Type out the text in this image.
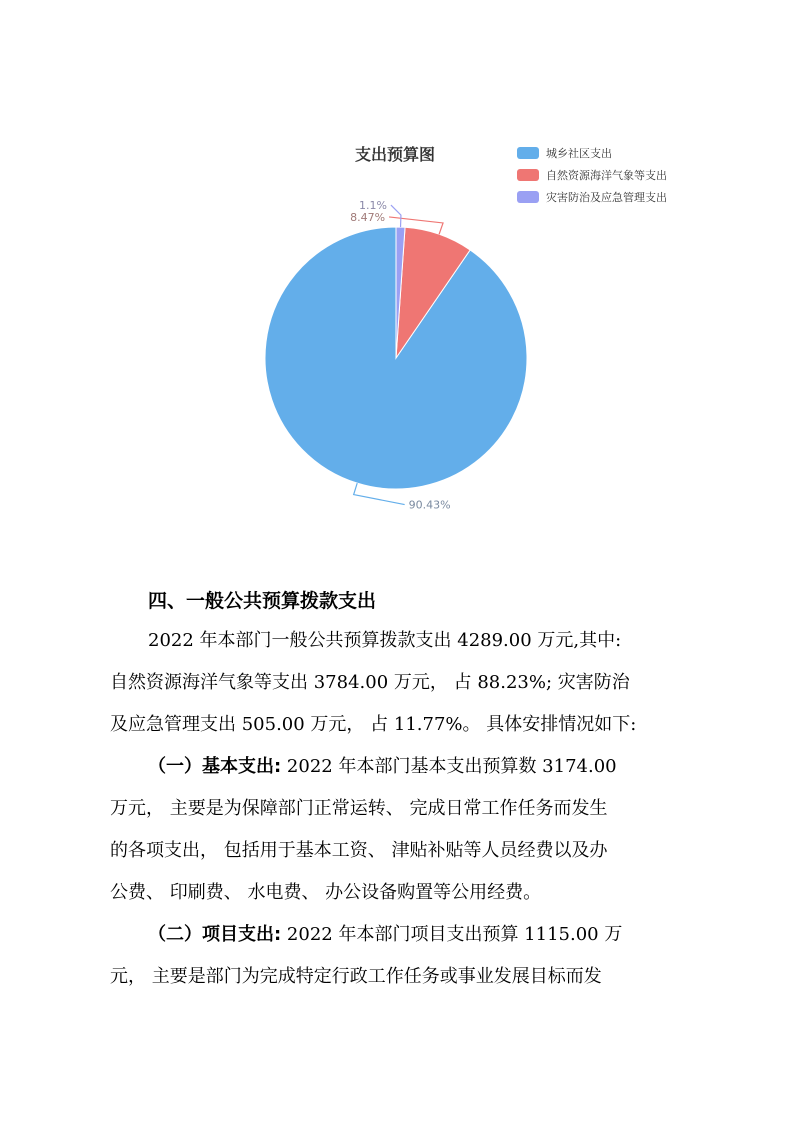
90.43%
8.47%
1.1%
支出预算图	城乡社区支出
自然资源海洋气象等支出
灾害防治及应急管理支出
四、一般公共预算拨款支出
2022 年本部门一般公共预算拨款支出 4289.00 万元,其中:
自然资源海洋气象等支出 3784.00 万元， 占 88.23%; 灾害防治
及应急管理支出 505.00 万元， 占 11.77%。 具体安排情况如下:
（一）基本支出: 2022 年本部门基本支出预算数 3174.00
万元， 主要是为保障部门正常运转、 完成日常工作任务而发生
的各项支出， 包括用于基本工资、 津贴补贴等人员经费以及办
公费、 印刷费、 水电费、 办公设备购置等公用经费。
（二）项目支出: 2022 年本部门项目支出预算 1115.00 万
元， 主要是部门为完成特定行政工作任务或事业发展目标而发
